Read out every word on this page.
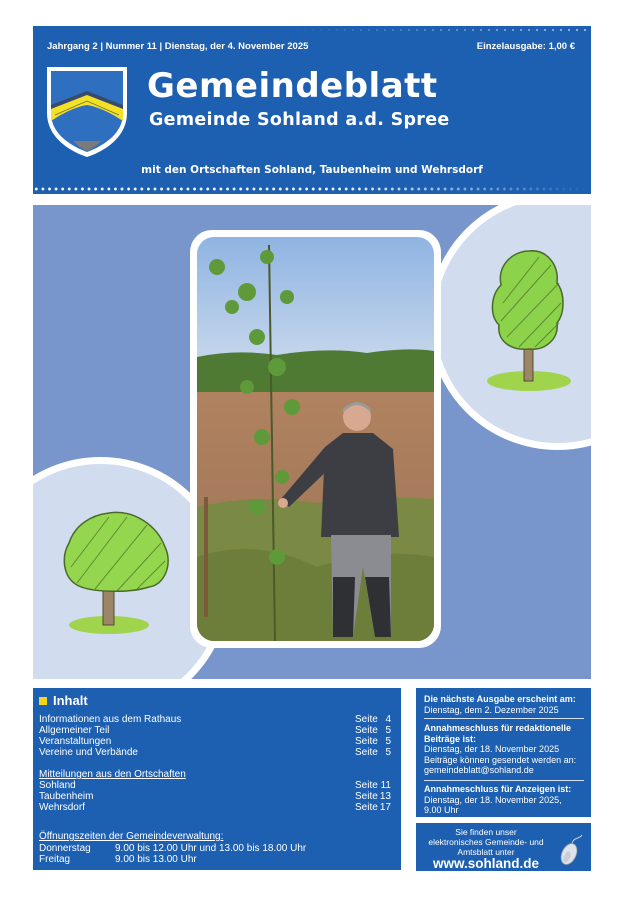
Jahrgang 2 | Nummer 11 | Dienstag, der 4. November 2025	Einzelausgabe: 1,00 €
Gemeindeblatt
Gemeinde Sohland a.d. Spree
mit den Ortschaften Sohland, Taubenheim und Wehrsdorf
Inhalt
Informationen aus dem Rathaus	Seite 4
Allgemeiner Teil	Seite 5
Veranstaltungen	Seite 5
Vereine und Verbände	Seite 5
Mitteilungen aus den Ortschaften
Sohland	Seite 11
Taubenheim	Seite 13
Wehrsdorf	Seite 17
Öffnungszeiten der Gemeindeverwaltung:
Donnerstag	9.00 bis 12.00 Uhr und 13.00 bis 18.00 Uhr
Freitag	9.00 bis 13.00 Uhr
Die nächste Ausgabe erscheint am:
Dienstag, dem 2. Dezember 2025
Annahmeschluss für redaktionelle
Beiträge ist:
Dienstag, der 18. November 2025
Beiträge können gesendet werden an:
gemeindeblatt@sohland.de
Annahmeschluss für Anzeigen ist:
Dienstag, der 18. November 2025,
9.00 Uhr
Sie finden unser
elektronisches Gemeinde- und
Amtsblatt unter
www.sohland.de
